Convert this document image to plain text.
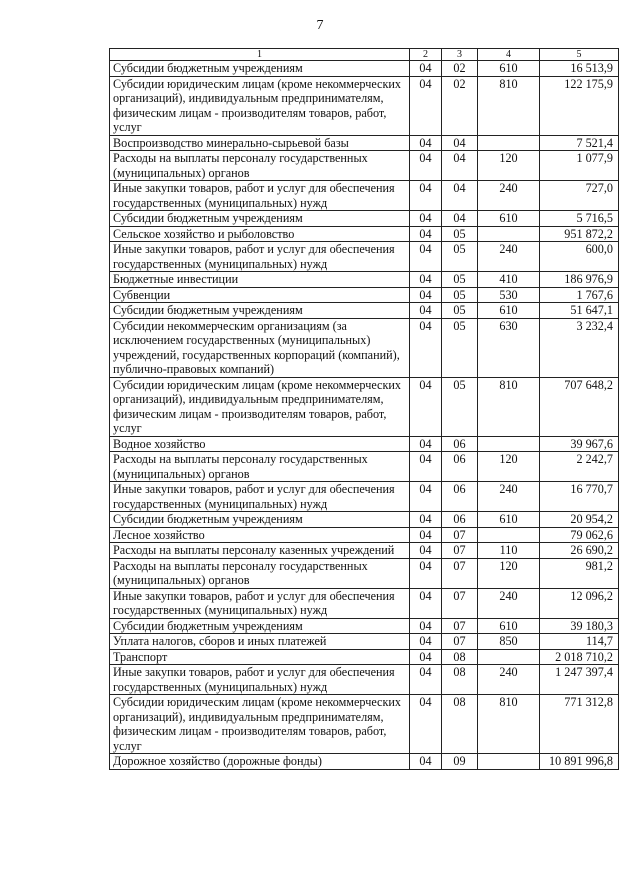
7
1	2	3	4	5
Субсидии бюджетным учреждениям	04	02	610	16 513,9
Субсидии юридическим лицам (кроме некоммерческих организаций), индивидуальным предпринимателям, физическим лицам - производителям товаров, работ, услуг	04	02	810	122 175,9
Воспроизводство минерально-сырьевой базы	04	04		7 521,4
Расходы на выплаты персоналу государственных (муниципальных) органов	04	04	120	1 077,9
Иные закупки товаров, работ и услуг для обеспечения государственных (муниципальных) нужд	04	04	240	727,0
Субсидии бюджетным учреждениям	04	04	610	5 716,5
Сельское хозяйство и рыболовство	04	05		951 872,2
Иные закупки товаров, работ и услуг для обеспечения государственных (муниципальных) нужд	04	05	240	600,0
Бюджетные инвестиции	04	05	410	186 976,9
Субвенции	04	05	530	1 767,6
Субсидии бюджетным учреждениям	04	05	610	51 647,1
Субсидии некоммерческим организациям (за исключением государственных (муниципальных) учреждений, государственных корпораций (компаний), публично-правовых компаний)	04	05	630	3 232,4
Субсидии юридическим лицам (кроме некоммерческих организаций), индивидуальным предпринимателям, физическим лицам - производителям товаров, работ, услуг	04	05	810	707 648,2
Водное хозяйство	04	06		39 967,6
Расходы на выплаты персоналу государственных (муниципальных) органов	04	06	120	2 242,7
Иные закупки товаров, работ и услуг для обеспечения государственных (муниципальных) нужд	04	06	240	16 770,7
Субсидии бюджетным учреждениям	04	06	610	20 954,2
Лесное хозяйство	04	07		79 062,6
Расходы на выплаты персоналу казенных учреждений	04	07	110	26 690,2
Расходы на выплаты персоналу государственных (муниципальных) органов	04	07	120	981,2
Иные закупки товаров, работ и услуг для обеспечения государственных (муниципальных) нужд	04	07	240	12 096,2
Субсидии бюджетным учреждениям	04	07	610	39 180,3
Уплата налогов, сборов и иных платежей	04	07	850	114,7
Транспорт	04	08		2 018 710,2
Иные закупки товаров, работ и услуг для обеспечения государственных (муниципальных) нужд	04	08	240	1 247 397,4
Субсидии юридическим лицам (кроме некоммерческих организаций), индивидуальным предпринимателям, физическим лицам - производителям товаров, работ, услуг	04	08	810	771 312,8
Дорожное хозяйство (дорожные фонды)	04	09		10 891 996,8
